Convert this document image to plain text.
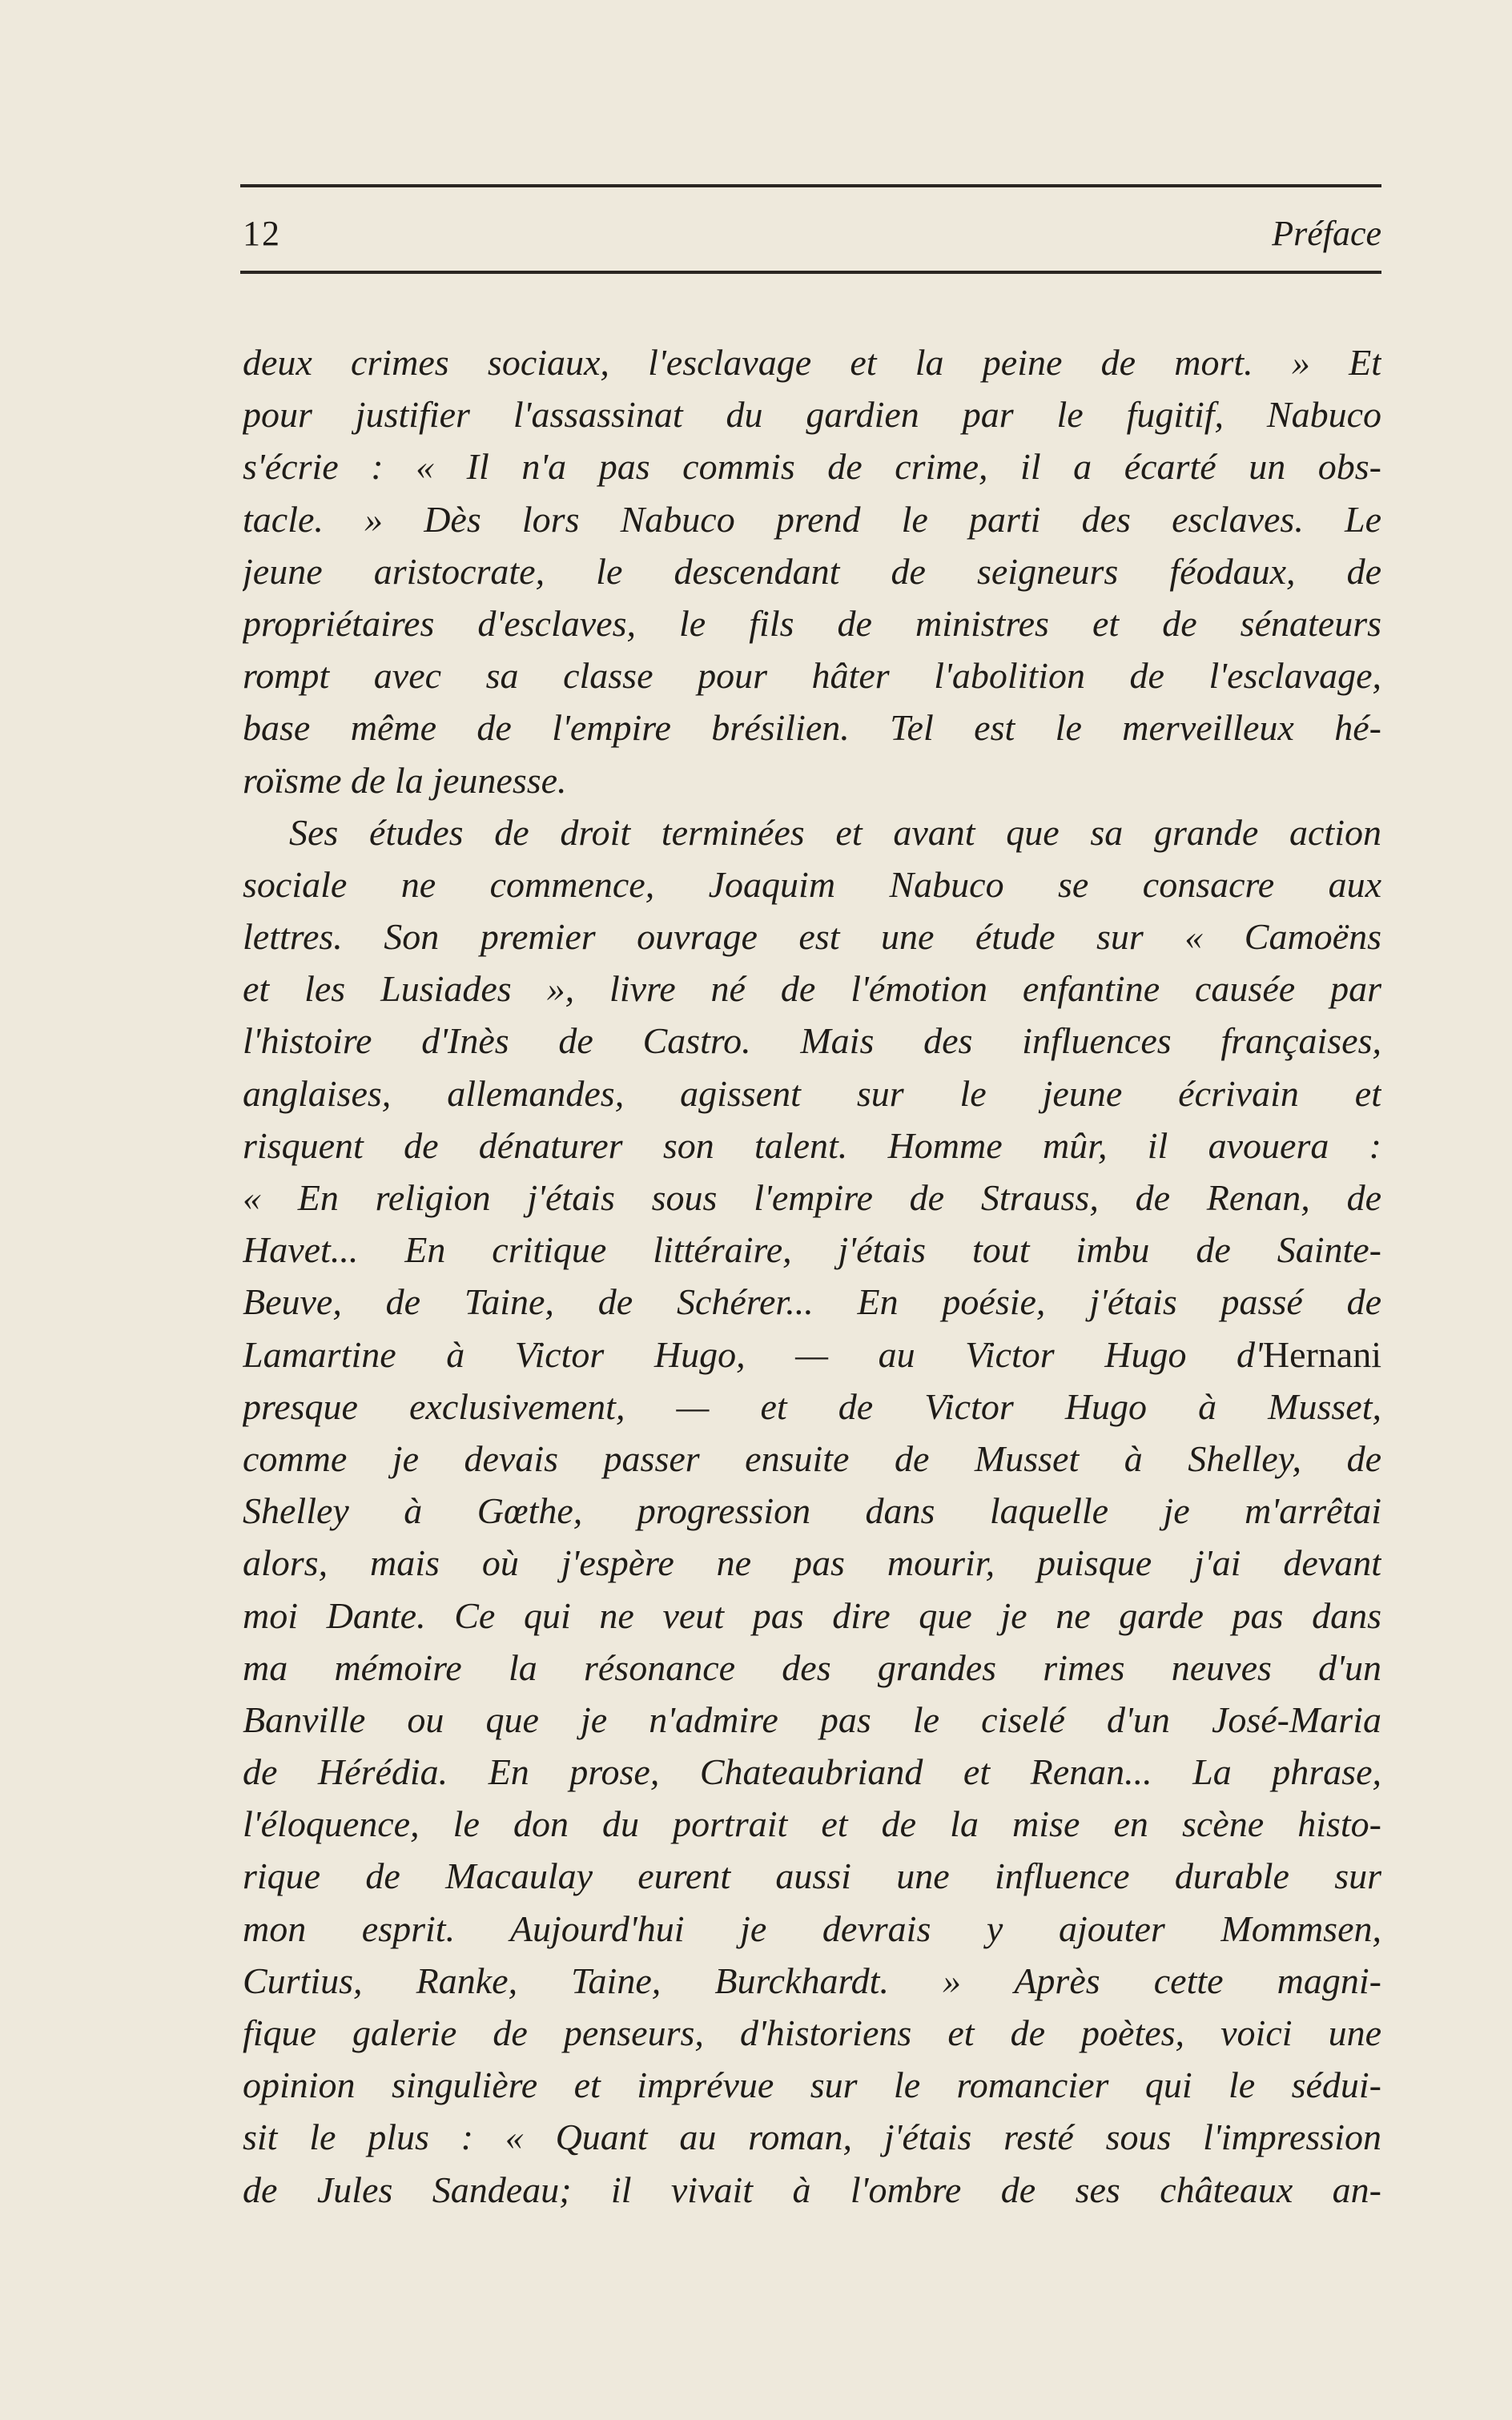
12	Préface
deux crimes sociaux, l'esclavage et la peine de mort. » Et
pour justifier l'assassinat du gardien par le fugitif, Nabuco
s'écrie : « Il n'a pas commis de crime, il a écarté un obs-
tacle. » Dès lors Nabuco prend le parti des esclaves. Le
jeune aristocrate, le descendant de seigneurs féodaux, de
propriétaires d'esclaves, le fils de ministres et de sénateurs
rompt avec sa classe pour hâter l'abolition de l'esclavage,
base même de l'empire brésilien. Tel est le merveilleux hé-
roïsme de la jeunesse.
Ses études de droit terminées et avant que sa grande action
sociale ne commence, Joaquim Nabuco se consacre aux
lettres. Son premier ouvrage est une étude sur « Camoëns
et les Lusiades », livre né de l'émotion enfantine causée par
l'histoire d'Inès de Castro. Mais des influences françaises,
anglaises, allemandes, agissent sur le jeune écrivain et
risquent de dénaturer son talent. Homme mûr, il avouera :
« En religion j'étais sous l'empire de Strauss, de Renan, de
Havet... En critique littéraire, j'étais tout imbu de Sainte-
Beuve, de Taine, de Schérer... En poésie, j'étais passé de
Lamartine à Victor Hugo, — au Victor Hugo d'Hernani
presque exclusivement, — et de Victor Hugo à Musset,
comme je devais passer ensuite de Musset à Shelley, de
Shelley à Gœthe, progression dans laquelle je m'arrêtai
alors, mais où j'espère ne pas mourir, puisque j'ai devant
moi Dante. Ce qui ne veut pas dire que je ne garde pas dans
ma mémoire la résonance des grandes rimes neuves d'un
Banville ou que je n'admire pas le ciselé d'un José-Maria
de Hérédia. En prose, Chateaubriand et Renan... La phrase,
l'éloquence, le don du portrait et de la mise en scène histo-
rique de Macaulay eurent aussi une influence durable sur
mon esprit. Aujourd'hui je devrais y ajouter Mommsen,
Curtius, Ranke, Taine, Burckhardt. » Après cette magni-
fique galerie de penseurs, d'historiens et de poètes, voici une
opinion singulière et imprévue sur le romancier qui le sédui-
sit le plus : « Quant au roman, j'étais resté sous l'impression
de Jules Sandeau; il vivait à l'ombre de ses châteaux an-
